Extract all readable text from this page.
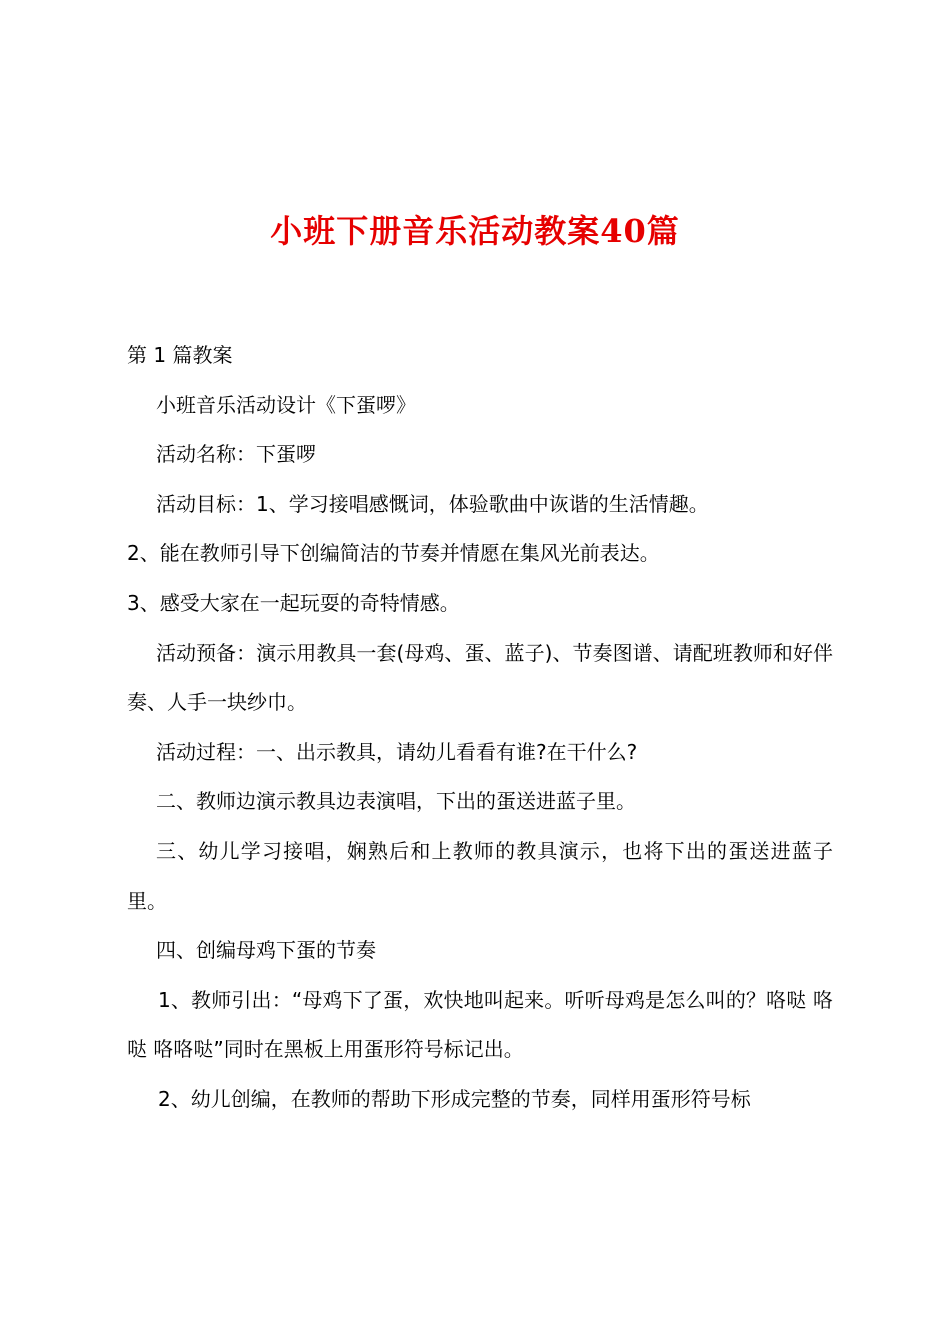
小班下册音乐活动教案40篇

第 1 篇教案

小班音乐活动设计《下蛋啰》

活动名称：下蛋啰

活动目标：1、学习接唱感慨词，体验歌曲中诙谐的生活情趣。

2、能在教师引导下创编简洁的节奏并情愿在集风光前表达。

3、感受大家在一起玩耍的奇特情感。

活动预备：演示用教具一套(母鸡、蛋、蓝子)、节奏图谱、请配班教师和好伴奏、人手一块纱巾。

活动过程：一、出示教具，请幼儿看看有谁?在干什么?

二、教师边演示教具边表演唱，下出的蛋送进蓝子里。

三、幼儿学习接唱，娴熟后和上教师的教具演示，也将下出的蛋送进蓝子里。

四、创编母鸡下蛋的节奏

1、教师引出：“母鸡下了蛋，欢快地叫起来。听听母鸡是怎么叫的？咯哒 咯哒 咯咯哒”同时在黑板上用蛋形符号标记出。

2、幼儿创编，在教师的帮助下形成完整的节奏，同样用蛋形符号标
